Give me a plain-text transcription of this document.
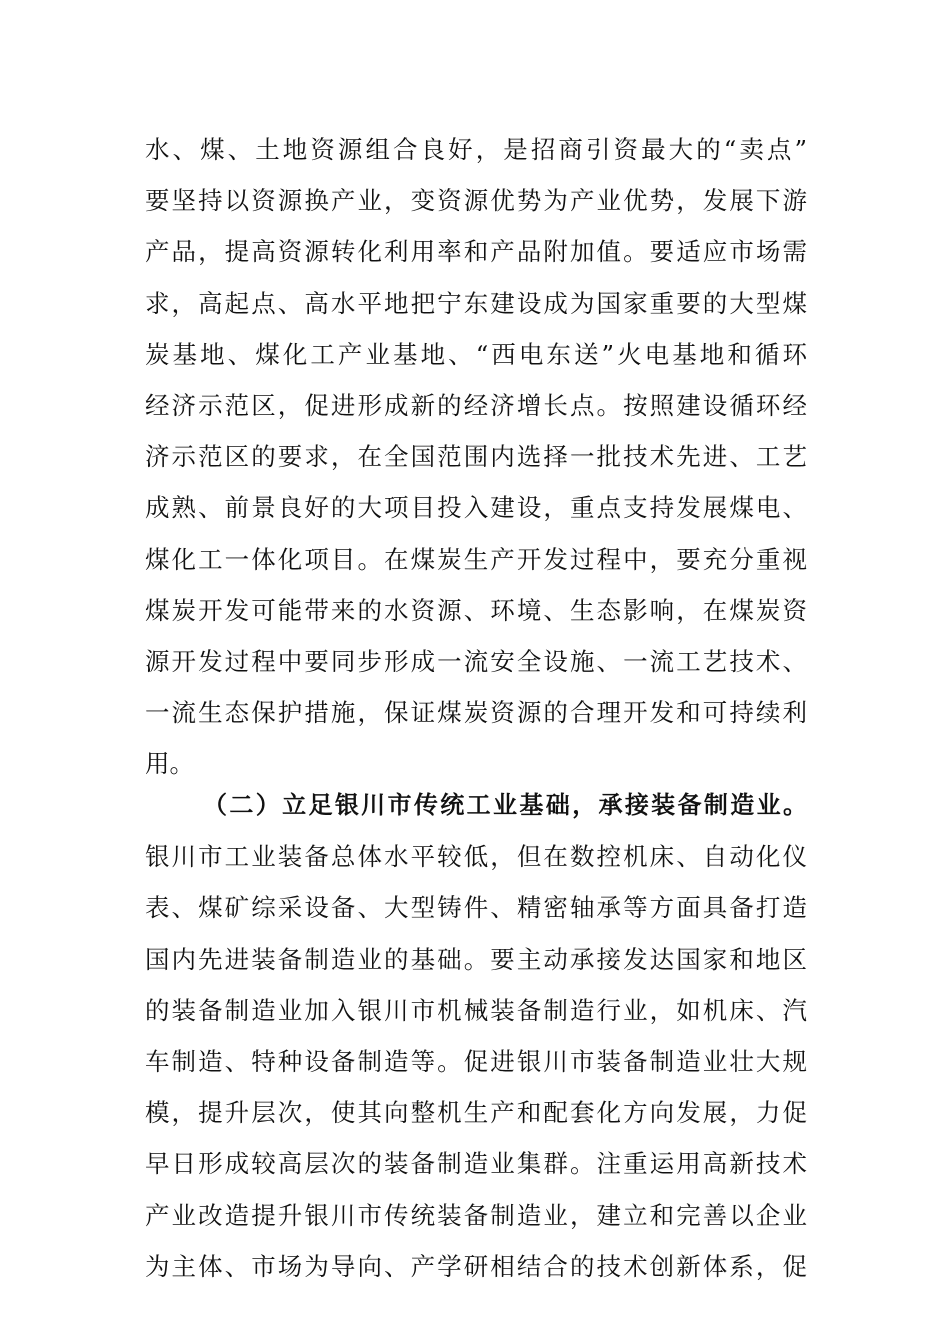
水、煤、土地资源组合良好，是招商引资最大的“卖点”
要坚持以资源换产业，变资源优势为产业优势，发展下游
产品，提高资源转化利用率和产品附加值。要适应市场需
求，高起点、高水平地把宁东建设成为国家重要的大型煤
炭基地、煤化工产业基地、“西电东送”火电基地和循环
经济示范区，促进形成新的经济增长点。按照建设循环经
济示范区的要求，在全国范围内选择一批技术先进、工艺
成熟、前景良好的大项目投入建设，重点支持发展煤电、
煤化工一体化项目。在煤炭生产开发过程中，要充分重视
煤炭开发可能带来的水资源、环境、生态影响，在煤炭资
源开发过程中要同步形成一流安全设施、一流工艺技术、
一流生态保护措施，保证煤炭资源的合理开发和可持续利
用。
（二）立足银川市传统工业基础，承接装备制造业。
银川市工业装备总体水平较低，但在数控机床、自动化仪
表、煤矿综采设备、大型铸件、精密轴承等方面具备打造
国内先进装备制造业的基础。要主动承接发达国家和地区
的装备制造业加入银川市机械装备制造行业，如机床、汽
车制造、特种设备制造等。促进银川市装备制造业壮大规
模，提升层次，使其向整机生产和配套化方向发展，力促
早日形成较高层次的装备制造业集群。注重运用高新技术
产业改造提升银川市传统装备制造业，建立和完善以企业
为主体、市场为导向、产学研相结合的技术创新体系，促
